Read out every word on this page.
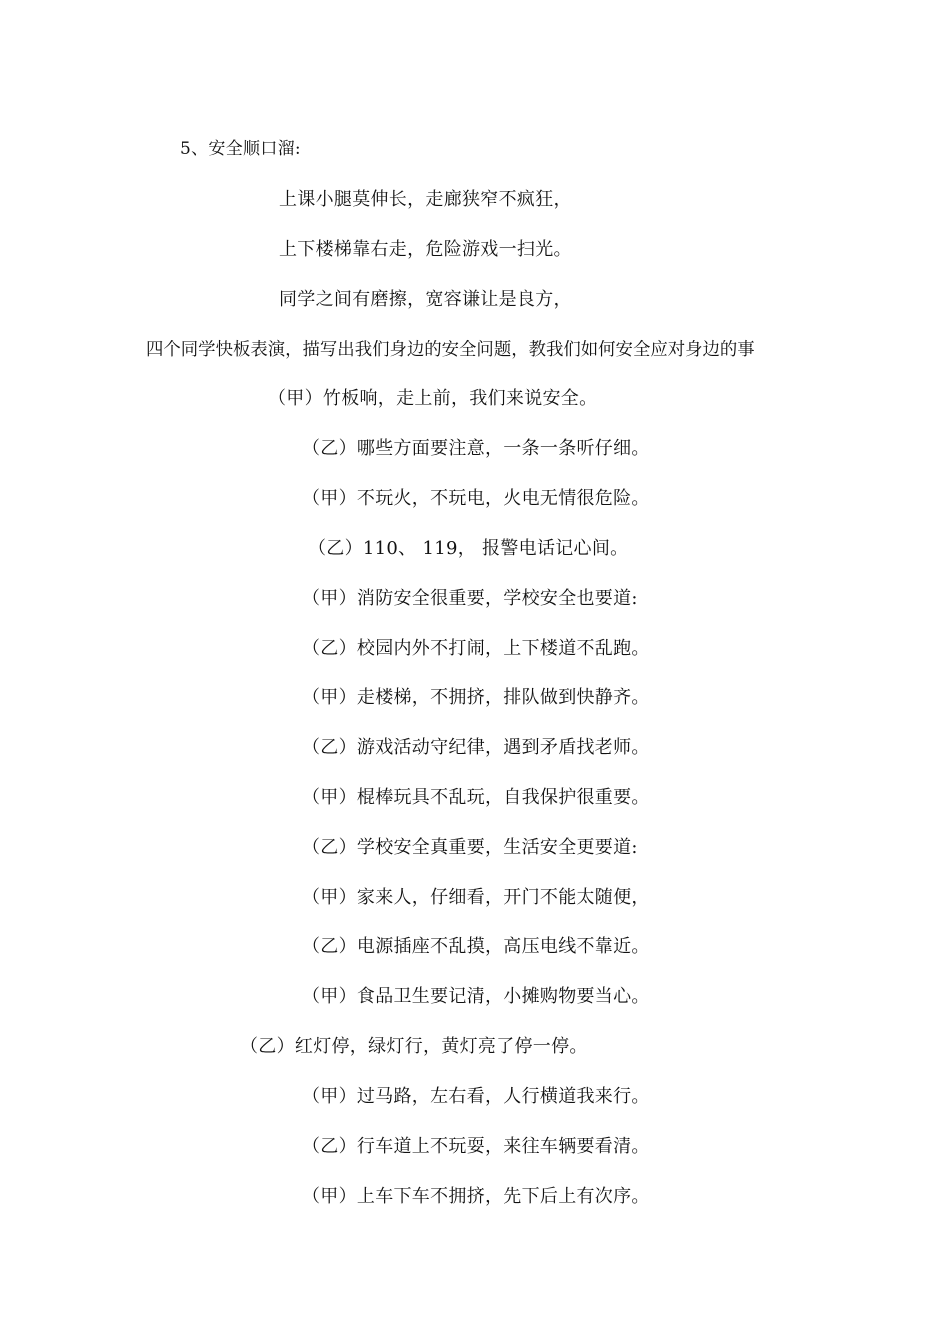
5、安全顺口溜:
上课小腿莫伸长，走廊狭窄不疯狂，
上下楼梯靠右走，危险游戏一扫光。
同学之间有磨擦，宽容谦让是良方，
四个同学快板表演，描写出我们身边的安全问题，教我们如何安全应对身边的事
（甲）竹板响，走上前，我们来说安全。
（乙）哪些方面要注意，一条一条听仔细。
（甲）不玩火，不玩电，火电无情很危险。
（乙）110、 119， 报警电话记心间。
（甲）消防安全很重要，学校安全也要道:
（乙）校园内外不打闹，上下楼道不乱跑。
（甲）走楼梯，不拥挤，排队做到快静齐。
（乙）游戏活动守纪律，遇到矛盾找老师。
（甲）棍棒玩具不乱玩，自我保护很重要。
（乙）学校安全真重要，生活安全更要道:
（甲）家来人，仔细看，开门不能太随便，
（乙）电源插座不乱摸，高压电线不靠近。
（甲）食品卫生要记清，小摊购物要当心。
（乙）红灯停，绿灯行，黄灯亮了停一停。
（甲）过马路，左右看，人行横道我来行。
（乙）行车道上不玩耍，来往车辆要看清。
（甲）上车下车不拥挤，先下后上有次序。
